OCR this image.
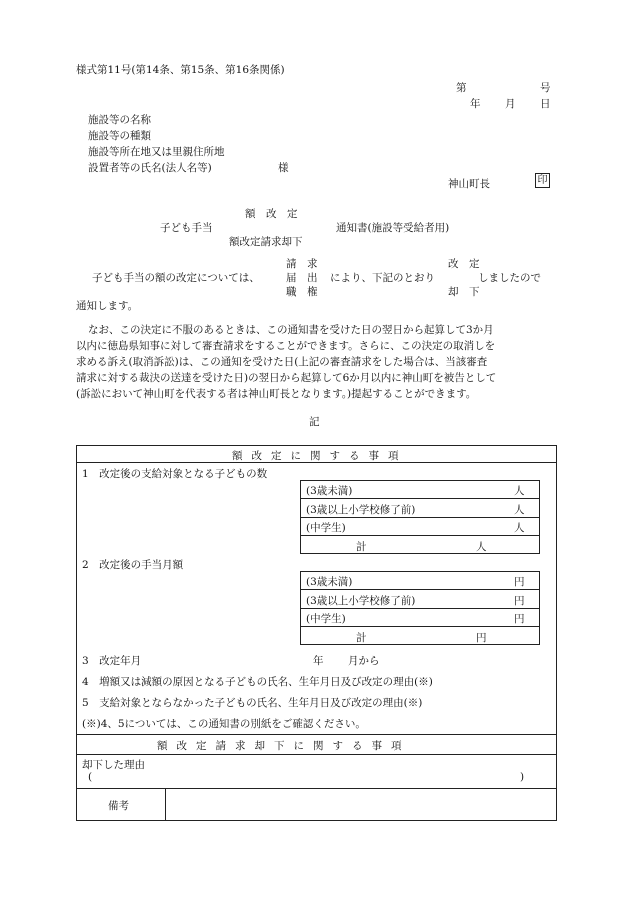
様式第11号(第14条、第15条、第16条関係)
第	号
年 月 日
施設等の名称
施設等の種類
施設等所在地又は里親住所地
設置者等の氏名(法人名等)	様
神山町長	印
額　改　定
子ども手当	通知書(施設等受給者用)
額改定請求却下
請　求
子ども手当の額の改定については、 届　出 により、下記のとおり	しましたので
職　権
改　定
却　下
通知します。
なお、この決定に不服のあるときは、この通知書を受けた日の翌日から起算して3か月
以内に徳島県知事に対して審査請求をすることができます。さらに、この決定の取消しを
求める訴え(取消訴訟)は、この通知を受けた日(上記の審査請求をした場合は、当該審査
請求に対する裁決の送達を受けた日)の翌日から起算して6か月以内に神山町を被告として
(訴訟において神山町を代表する者は神山町長となります。)提起することができます。
記
額改定に関する事項
1　改定後の支給対象となる子どもの数
(3歳未満)	人
(3歳以上小学校修了前)	人
(中学生)	人
計	人
2　改定後の手当月額
(3歳未満)	円
(3歳以上小学校修了前)	円
(中学生)	円
計	円
3　改定年月	年 月から
4　増額又は減額の原因となる子どもの氏名、生年月日及び改定の理由(※)
5　支給対象とならなかった子どもの氏名、生年月日及び改定の理由(※)
(※)4、5については、この通知書の別紙をご確認ください。
額改定請求却下に関する事項
却下した理由
(	)
備考
